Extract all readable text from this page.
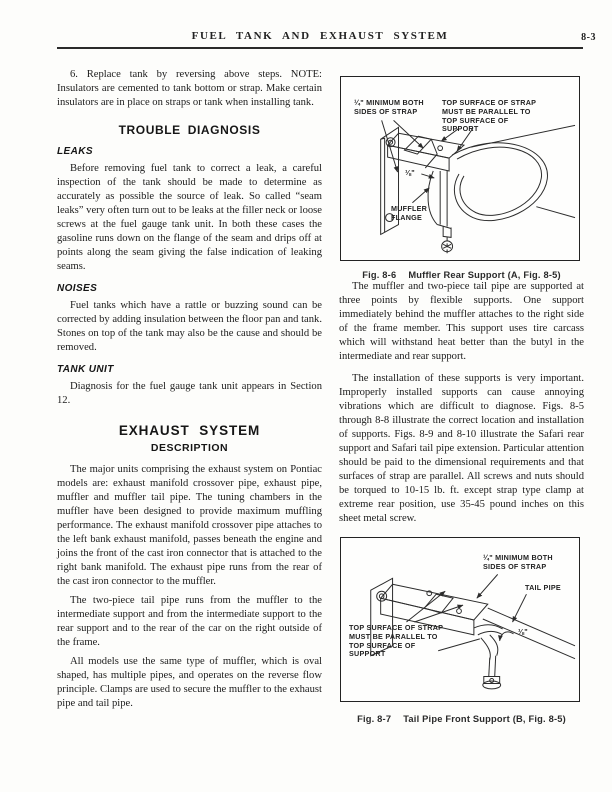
FUEL TANK AND EXHAUST SYSTEM	8-3

6. Replace tank by reversing above steps. NOTE: Insulators are cemented to tank bottom or strap. Make certain insulators are in place on straps or tank when installing tank.

TROUBLE DIAGNOSIS
LEAKS

Before removing fuel tank to correct a leak, a careful inspection of the tank should be made to determine as accurately as possible the source of leak. So called “seam leaks” very often turn out to be leaks at the filler neck or loose screws at the fuel gauge tank unit. In both these cases the gasoline runs down on the flange of the seam and drips off at points along the seam giving the false indication of leaking seams.

NOISES

Fuel tanks which have a rattle or buzzing sound can be corrected by adding insulation between the floor pan and tank. Stones on top of the tank may also be the cause and should be removed.

TANK UNIT

Diagnosis for the fuel gauge tank unit appears in Section 12.

EXHAUST SYSTEM
DESCRIPTION

The major units comprising the exhaust system on Pontiac models are: exhaust manifold crossover pipe, exhaust pipe, muffler and muffler tail pipe. The tuning chambers in the muffler have been designed to provide maximum muffling performance. The exhaust manifold crossover pipe attaches to the left bank exhaust manifold, passes beneath the engine and joins the front of the cast iron connector that is attached to the right bank manifold. The exhaust pipe runs from the rear of the cast iron connector to the muffler.

The two-piece tail pipe runs from the muffler to the intermediate support and from the intermediate support to the rear support and to the rear of the car on the right outside of the frame.

All models use the same type of muffler, which is oval shaped, has multiple pipes, and operates on the reverse flow principle. Clamps are used to secure the muffler to the exhaust pipe and tail pipe.

¼" MINIMUM BOTH SIDES OF STRAP
TOP SURFACE OF STRAP MUST BE PARALLEL TO TOP SURFACE OF SUPPORT
⅛"
MUFFLER FLANGE
Fig. 8-6 Muffler Rear Support (A, Fig. 8-5)

The muffler and two-piece tail pipe are supported at three points by flexible supports. One support immediately behind the muffler attaches to the right side of the frame member. This support uses tire carcass which will withstand heat better than the butyl in the intermediate and rear support.

The installation of these supports is very important. Improperly installed supports can cause annoying vibrations which are difficult to diagnose. Figs. 8-5 through 8-8 illustrate the correct location and installation of supports. Figs. 8-9 and 8-10 illustrate the Safari rear support and Safari tail pipe extension. Particular attention should be paid to the dimensional requirements and that surfaces of strap are parallel. All screws and nuts should be torqued to 10-15 lb. ft. except strap type clamp at extreme rear position, use 35-45 pound inches on this sheet metal screw.

¼" MINIMUM BOTH SIDES OF STRAP
TAIL PIPE
⅛"
TOP SURFACE OF STRAP MUST BE PARALLEL TO TOP SURFACE OF SUPPORT
Fig. 8-7 Tail Pipe Front Support (B, Fig. 8-5)
